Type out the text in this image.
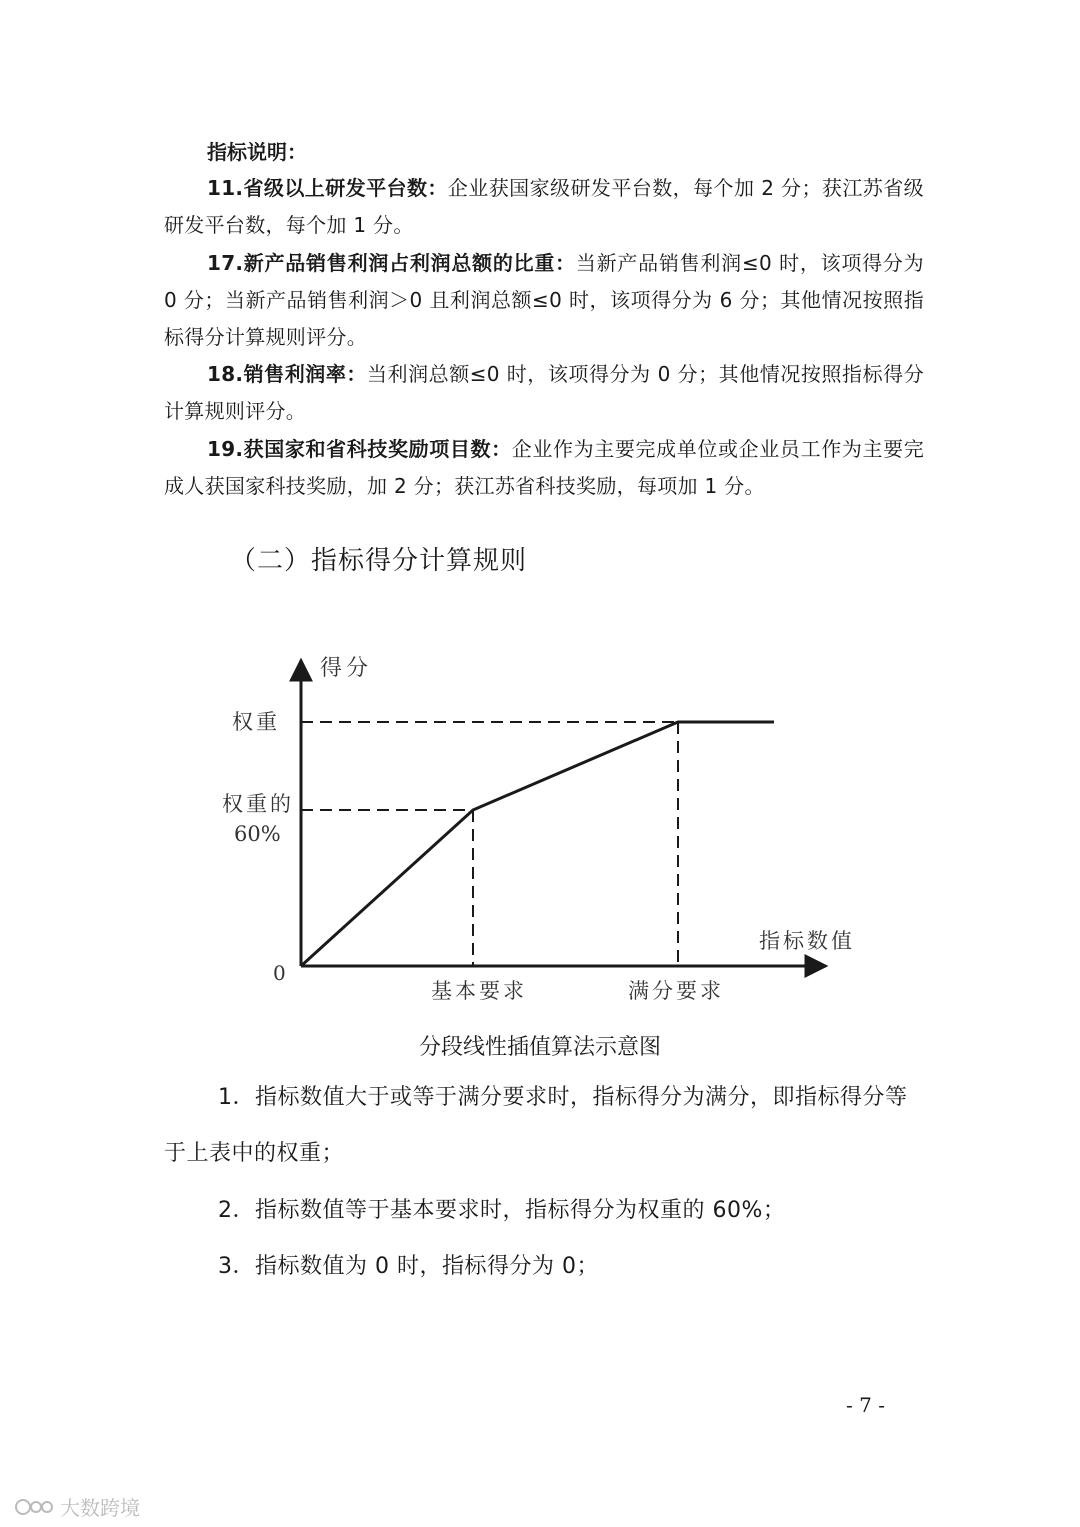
指标说明：
11.省级以上研发平台数：企业获国家级研发平台数，每个加 2 分；获江苏省级研发平台数，每个加 1 分。
17.新产品销售利润占利润总额的比重：当新产品销售利润≤0 时，该项得分为 0 分；当新产品销售利润＞0 且利润总额≤0 时，该项得分为 6 分；其他情况按照指标得分计算规则评分。
18.销售利润率：当利润总额≤0 时，该项得分为 0 分；其他情况按照指标得分计算规则评分。
19.获国家和省科技奖励项目数：企业作为主要完成单位或企业员工作为主要完成人获国家科技奖励，加 2 分；获江苏省科技奖励，每项加 1 分。
（二）指标得分计算规则
得分
权重
权重的
60%
0
基本要求	满分要求
指标数值
分段线性插值算法示意图
1．指标数值大于或等于满分要求时，指标得分为满分，即指标得分等于上表中的权重；
2．指标数值等于基本要求时，指标得分为权重的 60%；
3．指标数值为 0 时，指标得分为 0；
- 7 -
大数跨境
